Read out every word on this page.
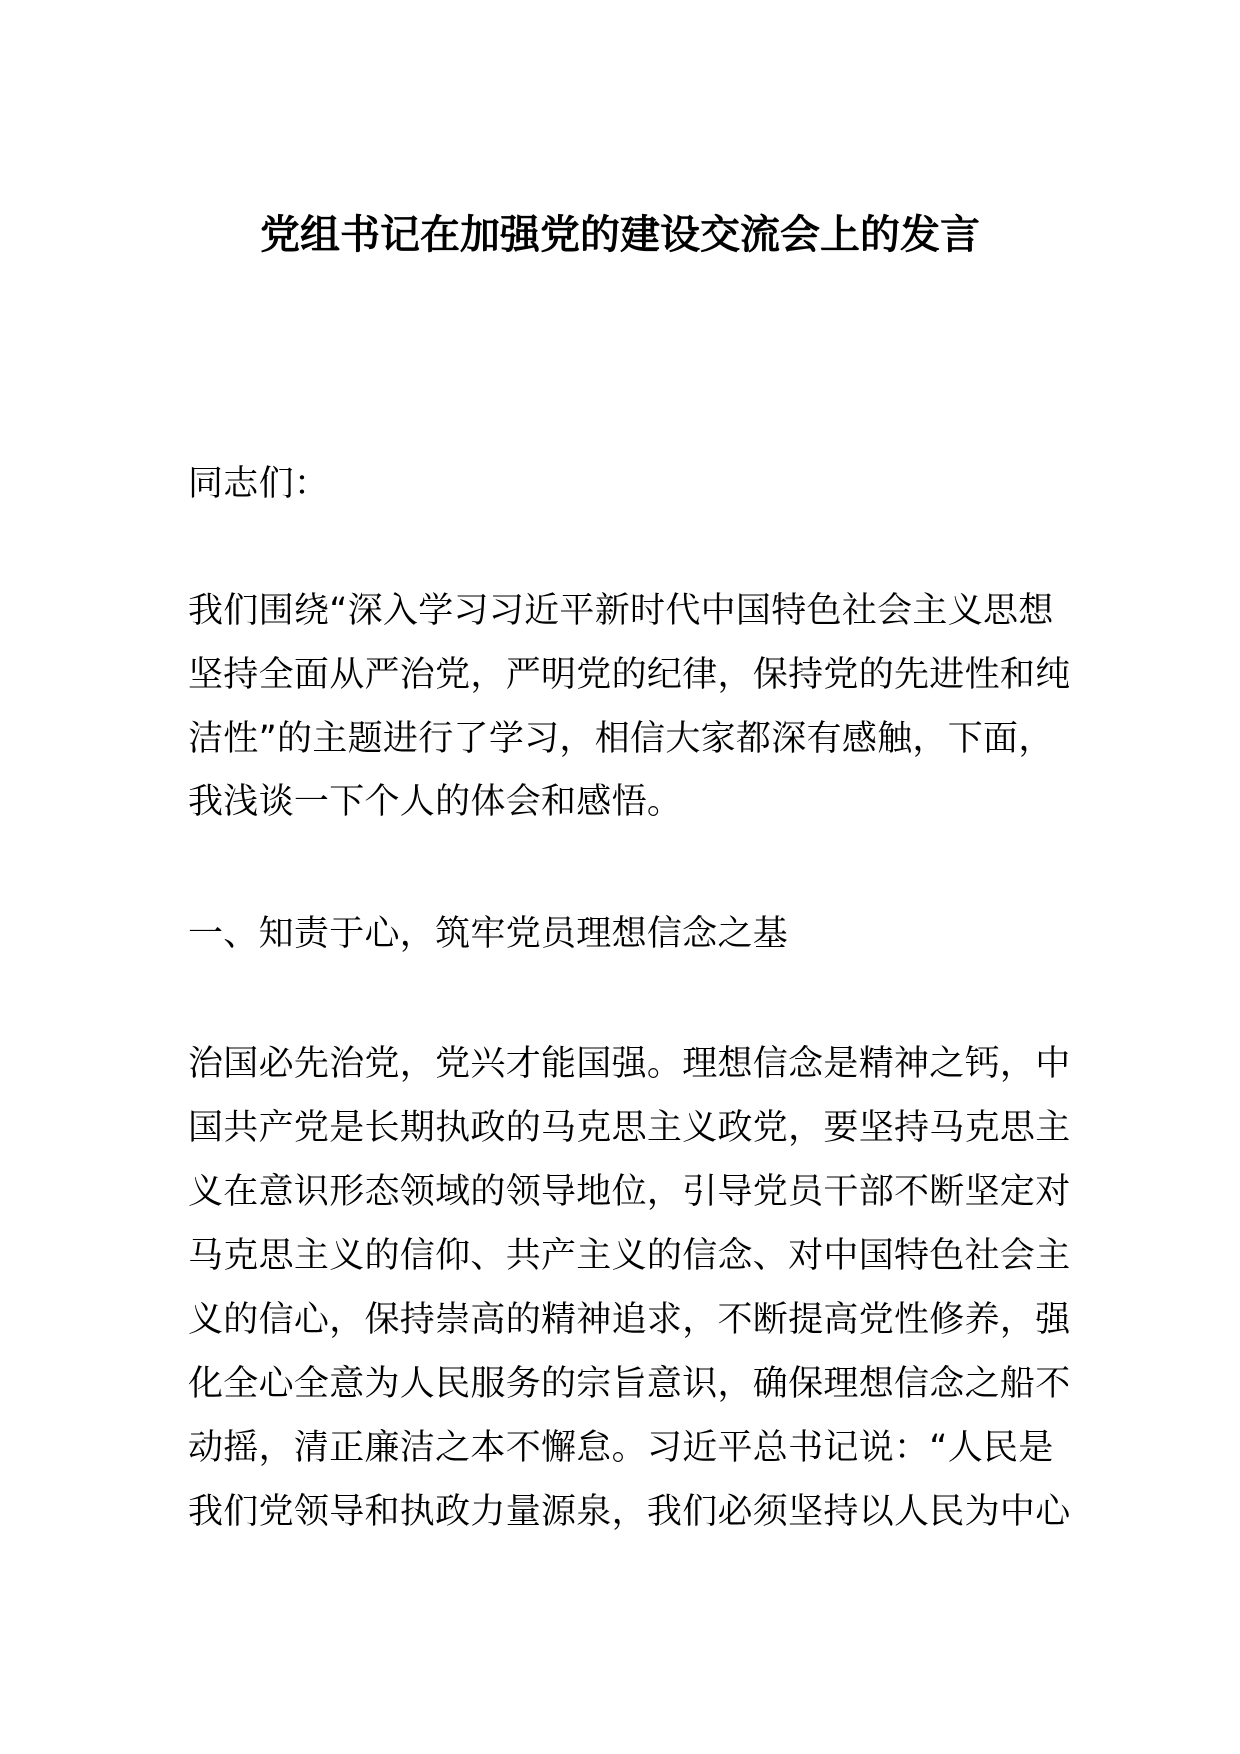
党组书记在加强党的建设交流会上的发言
同志们：
我们围绕“深入学习习近平新时代中国特色社会主义思想
坚持全面从严治党，严明党的纪律，保持党的先进性和纯
洁性”的主题进行了学习，相信大家都深有感触，下面，
我浅谈一下个人的体会和感悟。
一、知责于心，筑牢党员理想信念之基
治国必先治党，党兴才能国强。理想信念是精神之钙，中
国共产党是长期执政的马克思主义政党，要坚持马克思主
义在意识形态领域的领导地位，引导党员干部不断坚定对
马克思主义的信仰、共产主义的信念、对中国特色社会主
义的信心，保持崇高的精神追求，不断提高党性修养，强
化全心全意为人民服务的宗旨意识，确保理想信念之船不
动摇，清正廉洁之本不懈怠。习近平总书记说：“人民是
我们党领导和执政力量源泉，我们必须坚持以人民为中心
